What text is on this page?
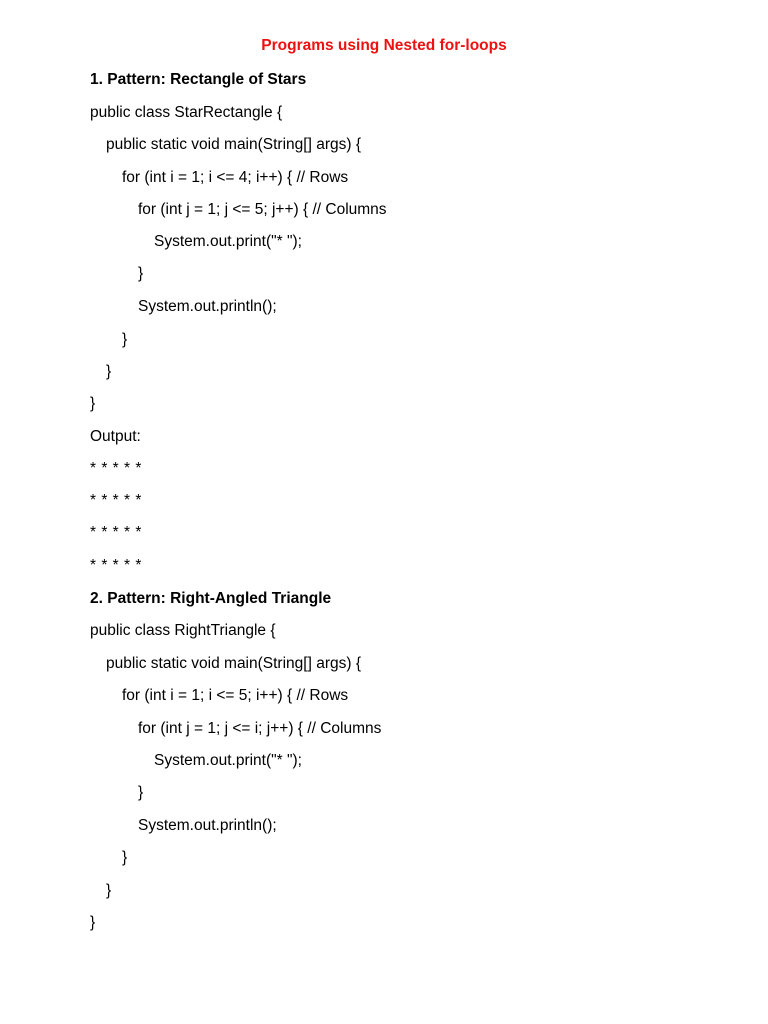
Programs using Nested for-loops
1. Pattern: Rectangle of Stars
public class StarRectangle {
public static void main(String[] args) {
for (int i = 1; i <= 4; i++) { // Rows
for (int j = 1; j <= 5; j++) { // Columns
System.out.print("* ");
}
System.out.println();
}
}
}
Output:
* * * * *
* * * * *
* * * * *
* * * * *
2. Pattern: Right-Angled Triangle
public class RightTriangle {
public static void main(String[] args) {
for (int i = 1; i <= 5; i++) { // Rows
for (int j = 1; j <= i; j++) { // Columns
System.out.print("* ");
}
System.out.println();
}
}
}
